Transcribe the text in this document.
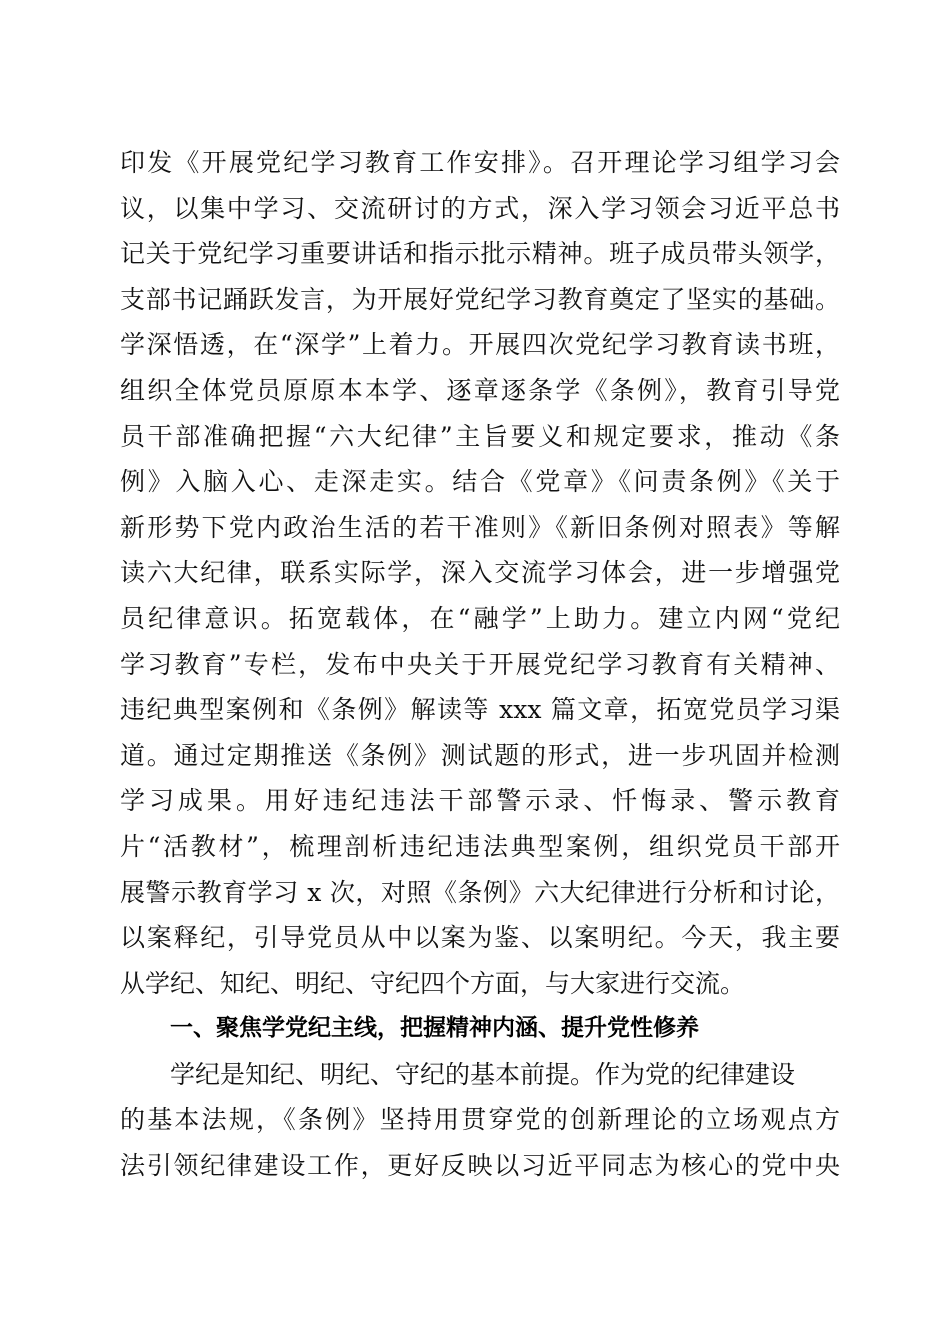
印发《开展党纪学习教育工作安排》。召开理论学习组学习会
议，以集中学习、交流研讨的方式，深入学习领会习近平总书
记关于党纪学习重要讲话和指示批示精神。班子成员带头领学，
支部书记踊跃发言，为开展好党纪学习教育奠定了坚实的基础。
学深悟透，在“深学”上着力。开展四次党纪学习教育读书班，
组织全体党员原原本本学、逐章逐条学《条例》，教育引导党
员干部准确把握“六大纪律”主旨要义和规定要求，推动《条
例》入脑入心、走深走实。结合《党章》《问责条例》《关于
新形势下党内政治生活的若干准则》《新旧条例对照表》等解
读六大纪律，联系实际学，深入交流学习体会，进一步增强党
员纪律意识。拓宽载体，在“融学”上助力。建立内网“党纪
学习教育”专栏，发布中央关于开展党纪学习教育有关精神、
违纪典型案例和《条例》解读等 xxx 篇文章，拓宽党员学习渠
道。通过定期推送《条例》测试题的形式，进一步巩固并检测
学习成果。用好违纪违法干部警示录、忏悔录、警示教育
片“活教材”，梳理剖析违纪违法典型案例，组织党员干部开
展警示教育学习 x 次，对照《条例》六大纪律进行分析和讨论，
以案释纪，引导党员从中以案为鉴、以案明纪。今天，我主要
从学纪、知纪、明纪、守纪四个方面，与大家进行交流。
一、聚焦学党纪主线，把握精神内涵、提升党性修养
学纪是知纪、明纪、守纪的基本前提。作为党的纪律建设
的基本法规，《条例》坚持用贯穿党的创新理论的立场观点方
法引领纪律建设工作，更好反映以习近平同志为核心的党中央
